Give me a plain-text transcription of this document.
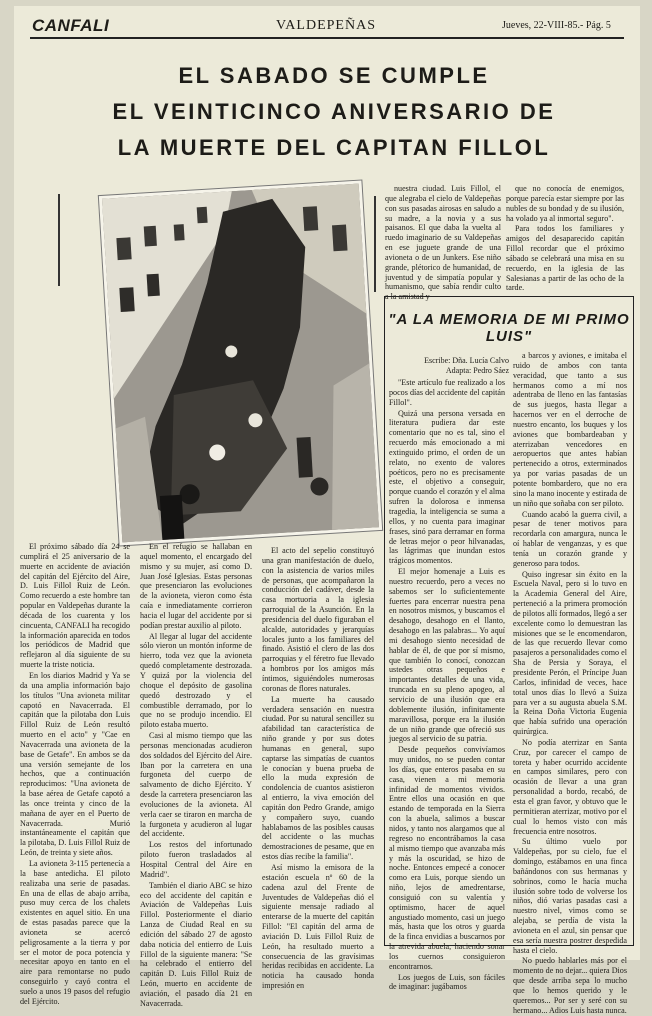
CANFALI	VALDEPEÑAS	Jueves, 22-VIII-85.- Pág. 5
EL SABADO SE CUMPLE
EL VEINTICINCO ANIVERSARIO DE
LA MUERTE DEL CAPITAN FILLOL

nuestra ciudad. Luis Fillol, el que alegraba el cielo de Valdepeñas con sus pasadas airosas en saludo a su madre, a la novia y a sus paisanos. El que daba la vuelta al ruedo imaginario de su Valdepeñas en ese juguete grande de una avioneta o de un Junkers. Ese niño grande, plétorico de humanidad, de juventud y de simpatía popular y humanismo, que sabía rendir culto a la amistad y

que no conocía de enemigos, porque parecía estar siempre por las nubles de su bondad y de su ilusión, ha volado ya al inmortal seguro".

Para todos los familiares y amigos del desaparecido capitán Fillol recordar que el próximo sábado se celebrará una misa en su recuerdo, en la iglesia de las Salesianas a partir de las ocho de la tarde.

El próximo sábado día 24 se cumplirá el 25 aniversario de la muerte en accidente de aviación del capitán del Ejército del Aire, D. Luis Fillol Ruiz de León. Como recuerdo a este hombre tan popular en Valdepeñas durante la década de los cuarenta y los cincuenta, CANFALI ha recogido la información aparecida en todos los periódicos de Madrid que reflejaron al día siguiente de su muerte la triste noticia.

En los diarios Madrid y Ya se da una amplia información bajo los títulos "Una avioneta militar capotó en Navacerrada. El capitán que la pilotaba don Luis Fillol Ruiz de León resultó muerto en el acto" y "Cae en Navacerrada una avioneta de la base de Getafe". En ambos se da una versión semejante de los hechos, que a continuación reproducimos: "Una avioneta de la base aérea de Getafe capotó a las once treinta y cinco de la mañana de ayer en el Puerto de Navacerrada. Murió instantáneamente el capitán que la pilotaba, D. Luis Fillol Ruiz de León, de treinta y siete años.

La avioneta 3-115 pertenecía a la base antedicha. El piloto realizaba una serie de pasadas. En una de ellas de abajo arriba, puso muy cerca de los chalets existentes en aquel sitio. En una de estas pasadas parece que la avioneta se acercó peligrosamente a la tierra y por ser el motor de poca potencia y necesitar apoyo en tanto en el aire para remontarse no pudo conseguirlo y cayó contra el suelo a unos 19 pasos del refugio del Ejército.

En el refugio se hallaban en aquel momento, el encargado del mismo y su mujer, así como D. Juan José Iglesias. Estas personas que presenciaron las evoluciones de la avioneta, vieron como ésta caía e inmediatamente corrieron hacia el lugar del accidente por si podían prestar auxilio al piloto.

Al llegar al lugar del accidente sólo vieron un montón informe de hierro, toda vez que la avioneta quedó completamente destrozada. Y quizá por la violencia del choque el depósito de gasolina quedó destrozado y el combustible derramado, por lo que no se produjo incendio. El piloto estaba muerto.

Casi al mismo tiempo que las personas mencionadas acudieron dos soldados del Ejército del Aire. Iban por la carretera en una furgoneta del cuerpo de salvamento de dicho Ejército. Y desde la carretera presenciaron las evoluciones de la avioneta. Al verla caer se tiraron en marcha de la furgoneta y acudieron al lugar del accidente.

Los restos del infortunado piloto fueron trasladados al Hospital Central del Aire en Madrid".

También el diario ABC se hizo eco del accidente del capitán e Aviación de Valdepeñas Luis Fillol. Posteriormente el diario Lanza de Ciudad Real en su edición del sábado 27 de agosto daba noticia del entierro de Luis Fillol de la siguiente manera: "Se ha celebrado el entierro del capitán D. Luis Fillol Ruiz de León, muerto en accidente de aviación, el pasado día 21 en Navacerrada.

El acto del sepelio constituyó una gran manifestación de duelo, con la asistencia de varios miles de personas, que acompañaron la conducción del cadáver, desde la casa mortuoria a la iglesia parroquial de la Asunción. En la presidencia del duelo figuraban el alcalde, autoridades y jerarquías locales junto a los familiares del finado. Asistió el clero de las dos parroquias y el féretro fue llevado a hombros por los amigos más íntimos, siguiéndoles numerosas coronas de flores naturales.

La muerte ha causado verdadera sensación en nuestra ciudad. Por su natural sencillez su afabilidad tan característica de niño grande y por sus dotes humanas en general, supo captarse las simpatías de cuantos le conocían y buena prueba de ello la muda expresión de condolencia de cuantos asistieron al entierro, la viva emoción del capitán don Pedro Grande, amigo y compañero suyo, cuando hablabamos de las posibles causas del accidente o las muchas demostraciones de pesame, que en estos días recibe la familia".

Así mismo la emisora de la estación escuela nº 60 de la cadena azul del Frente de Juventudes de Valdepeñas dió el siguiente mensaje radiado al enterarse de la muerte del capitán Fillol: "El capitán del arma de aviación D. Luis Fillol Ruiz de León, ha resultado muerto a consecuencia de las gravísimas heridas recibidas en accidente. La noticia ha causado honda impresión en

"A LA MEMORIA DE MI PRIMO LUIS"
Escribe: Dña. Lucía Calvo
Adapta: Pedro Sáez

"Este artículo fue realizado a los pocos días del accidente del capitán Fillol".

Quizá una persona versada en literatura pudiera dar este comentario que no es tal, sino el recuerdo más emocionado a mi extinguido primo, el orden de un relato, no exento de valores poéticos, pero no es precisamente este, el objetivo a conseguir, porque cuando el corazón y el alma sufren la dolorosa e inmensa tragedia, la inteligencia se suma a ellos, y no cuenta para imaginar frases, sinó para derramar en forma de letras mejor o peor hilvanadas, las lágrimas que inundan estos trágicos momentos.

El mejor homenaje a Luis es nuestro recuerdo, pero a veces no sabemos ser lo suficientemente fuertes para encerrar nuestra pena en nosotros mismos, y buscamos el desahogo, desahogo en el llanto, desahogo en las palabras... Yo aquí mi desahogo siento necesidad de hablar de él, de que por sí mismo, que también lo conocí, conozcan ustedes otras pequeños e importantes detalles de una vida, truncada en su pleno apogeo, al servicio de una ilusión que era doblemente ilusión, infinitamente maravillosa, porque era la ilusión de un niño grande que ofreció sus juegos al servicio de su patria.

Desde pequeños convivíamos muy unidos, no se pueden contar los días, que enteros pasaba en su casa, vienen a mi memoria infinidad de momentos vividos. Entre ellos una ocasión en que estando de temporada en la Sierra con la abuela, salimos a buscar nidos, y tanto nos alargamos que al regreso no encontrábamos la casa al mismo tiempo que avanzaba más y más la oscuridad, se hizo de noche. Entonces empecé a conocer como era Luis, porque siendo un niño, lejos de amedrentarse, consiguió con su valentía y optimismo, hacer de aquel angustiado momento, casi un juego más, hasta que los otros y guarda de la finca envidias a buscarnos por la atrevida abuela, haciendo sonar los cuernos consiguieron encontrarnos.

Los juegos de Luis, son fáciles de imaginar: jugábamos

a barcos y aviones, e imitaba el ruido de ambos con tanta veracidad, que tanto a sus hermanos como a mí nos adentraba de lleno en las fantasías de sus juegos, hasta llegar a hacernos ver en el derroche de nuestro encanto, los buques y los aviones que bombardeaban y aterrizaban vencedores en aeropuertos que antes habían pertenecido a otros, exterminados ya por varias pasadas de un potente bombardero, que no era sino la mano inocente y estirada de un niño que soñaba con ser piloto.

Cuando acabó la guerra civil, a pesar de tener motivos para recordarla con amargura, nunca le oí hablar de venganzas, y es que tenía un corazón grande y generoso para todos.

Quiso ingresar sin éxito en la Escuela Naval, pero si lo tuvo en la Academia General del Aire, perteneció a la primera promoción de pilotos allí formados, llegó a ser excelente como lo demuestran las misiones que se le encomendaron, de las que recuerdo llevar como pasajeros a personalidades como el Sha de Persia y Soraya, el presidente Perón, el Príncipe Juan Carlos, infinidad de veces, hace total unos días lo llevó a Suiza para ver a su augusta abuela S.M. la Reina Doña Victoria Eugenia que había sufrido una operación quirúrgica.

No podía aterrizar en Santa Cruz, por carecer el campo de toreta y haber ocurrido accidente en campos similares, pero con ocasión de llevar a una gran personalidad a bordo, recabó, de esta el gran favor, y obtuvo que le permitieran aterrizar, motivo por el cual lo hemos visto con más frecuencia entre nosotros.

Su último vuelo por Valdepeñas, por su cielo, fue el domingo, estábamos en una finca bañándonos con sus hermanas y sobrinos, como le hacía mucha ilusión sobre todo de volverse los niños, dió varias pasadas casi a nuestro nivel, vimos como se alejaba, se perdía de vista la avioneta en el azul, sin pensar que esa sería nuestra postrer despedida hasta el cielo.

No puedo hablarles más por el momento de no dejar... quiera Dios que desde arriba sepa lo mucho que lo hemos querido y le queremos... Por ser y seré con su hermano... Adios Luis hasta nunca.
